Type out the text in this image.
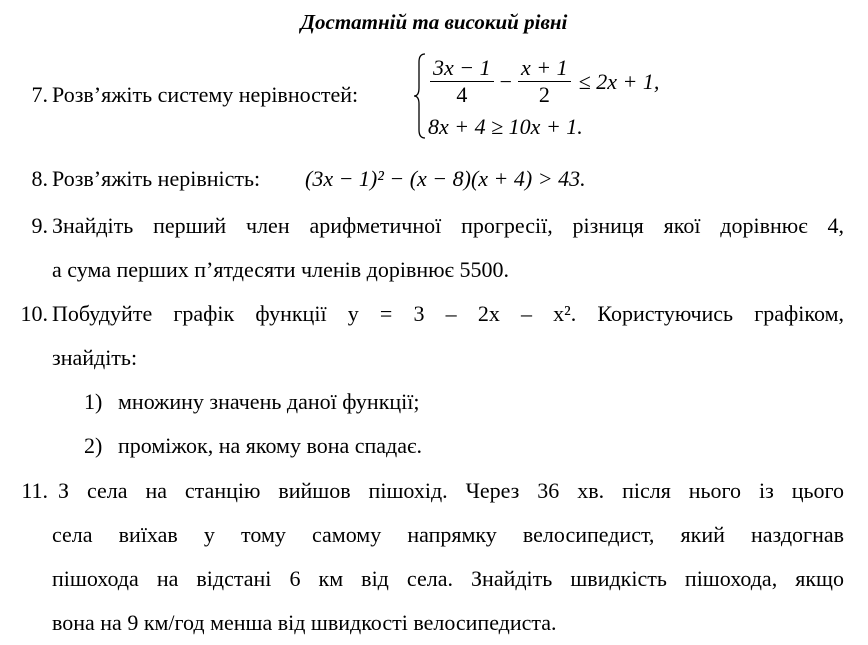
Достатній та високий рівні
7. Розв’яжіть систему нерівностей:	$\frac{3x - 1}{4} - \frac{x + 1}{2} \le 2x + 1$,
8x + 4 ≥ 10x + 1.
8. Розв’яжіть нерівність:	(3x − 1)² − (x − 8)(x + 4) > 43.
9. Знайдіть перший член арифметичної прогресії, різниця якої дорівнює 4,
а сума перших п’ятдесяти членів дорівнює 5500.
10. Побудуйте графік функції y = 3 – 2x – x². Користуючись графіком,
знайдіть:
1) множину значень даної функції;
2) проміжок, на якому вона спадає.
11. З села на станцію вийшов пішохід. Через 36 хв. після нього із цього
села виїхав у тому самому напрямку велосипедист, який наздогнав
пішохода на відстані 6 км від села. Знайдіть швидкість пішохода, якщо
вона на 9 км/год менша від швидкості велосипедиста.
